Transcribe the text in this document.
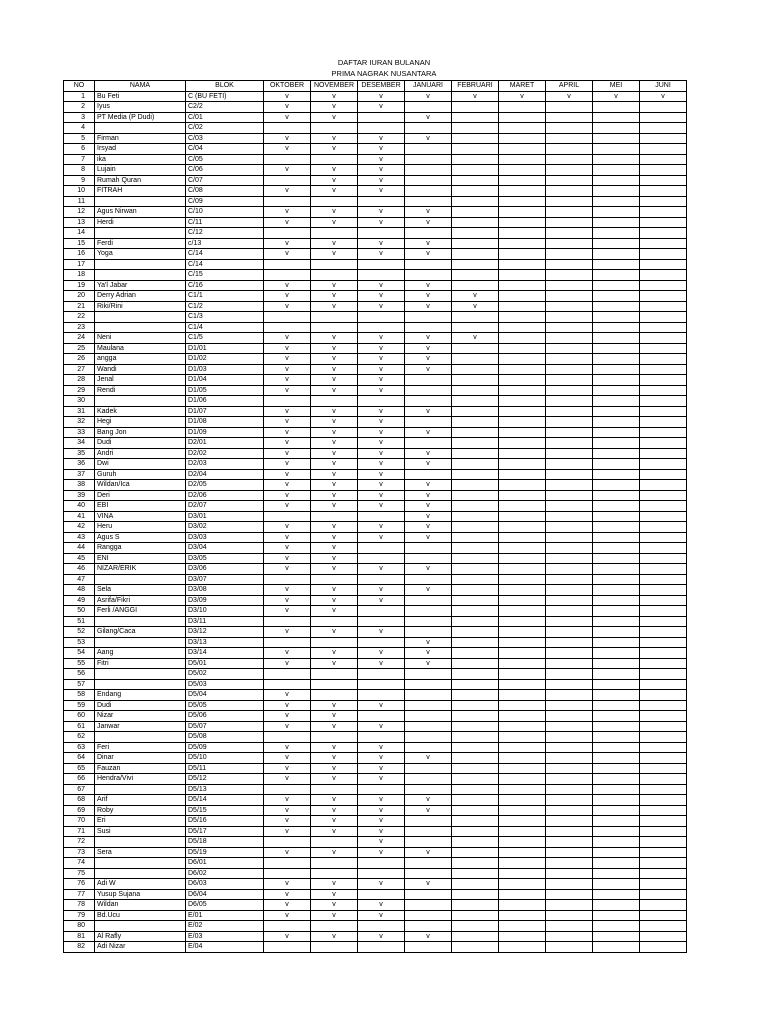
DAFTAR IURAN BULANAN
PRIMA NAGRAK NUSANTARA
NO	NAMA	BLOK	OKTOBER	NOVEMBER	DESEMBER	JANUARI	FEBRUARI	MARET	APRIL	MEI	JUNI
1	Bu Feti	C (BU FETI)	v	v	v	v	v	v	v	v	v
2	Iyus	C2/2	v	v	v						
3	PT Media (P Dudi)	C/01	v	v		v					
4		C/02									
5	Firman	C/03	v	v	v	v					
6	Irsyad	C/04	v	v	v						
7	ika	C/05			v						
8	Lujain	C/06	v	v	v						
9	Rumah Quran	C/07		v	v						
10	FITRAH	C/08	v	v	v						
11		C/09									
12	Agus Nirwan	C/10	v	v	v	v					
13	Herdi	C/11	v	v	v	v					
14		C/12									
15	Ferdi	c/13	v	v	v	v					
16	Yoga	C/14	v	v	v	v					
17		C/14									
18		C/15									
19	Ya'l Jabar	C/16	v	v	v	v					
20	Derry Adrian	C1/1	v	v	v	v	v				
21	Riki/Rini	C1/2	v	v	v	v	v				
22		C1/3									
23		C1/4									
24	Neni	C1/5	v	v	v	v	v				
25	Maulana	D1/01	v	v	v	v					
26	angga	D1/02	v	v	v	v					
27	Wandi	D1/03	v	v	v	v					
28	Jenal	D1/04	v	v	v						
29	Rendi	D1/05	v	v	v						
30		D1/06									
31	Kadek	D1/07	v	v	v	v					
32	Hegi	D1/08	v	v	v						
33	Bang Jon	D1/09	v	v	v	v					
34	Dudi	D2/01	v	v	v						
35	Andri	D2/02	v	v	v	v					
36	Dwi	D2/03	v	v	v	v					
37	Guruh	D2/04	v	v	v						
38	Wildan/Ica	D2/05	v	v	v	v					
39	Deri	D2/06	v	v	v	v					
40	EBI	D2/07	v	v	v	v					
41	VINA	D3/01				v					
42	Heru	D3/02	v	v	v	v					
43	Agus S	D3/03	v	v	v	v					
44	Rangga	D3/04	v	v							
45	ENI	D3/05	v	v							
46	NIZAR/ERIK	D3/06	v	v	v	v					
47		D3/07									
48	Sela	D3/08	v	v	v	v					
49	Asrifa/Fikri	D3/09	v	v	v						
50	Ferli /ANGGI	D3/10	v	v							
51		D3/11									
52	Gilang/Caca	D3/12	v	v	v						
53		D3/13				v					
54	Aang	D3/14	v	v	v	v					
55	Fitri	D5/01	v	v	v	v					
56		D5/02									
57		D5/03									
58	Endang	D5/04	v								
59	Dudi	D5/05	v	v	v						
60	Nizar	D5/06	v	v							
61	Janwar	D5/07	v	v	v						
62		D5/08									
63	Feri	D5/09	v	v	v						
64	Dinar	D5/10	v	v	v	v					
65	Fauzan	D5/11	v	v	v						
66	Hendra/Vivi	D5/12	v	v	v						
67		D5/13									
68	Arif	D5/14	v	v	v	v					
69	Roby	D5/15	v	v	v	v					
70	Eri	D5/16	v	v	v						
71	Susi	D5/17	v	v	v						
72		D5/18			v						
73	Sera	D5/19	v	v	v	v					
74		D6/01									
75		D6/02									
76	Adi W	D6/03	v	v	v	v					
77	Yusup Sujana	D6/04	v	v							
78	Wildan	D6/05	v	v	v						
79	Bd.Ucu	E/01	v	v	v						
80		E/02									
81	Al Rafly	E/03	v	v	v	v					
82	Adi Nizar	E/04									
